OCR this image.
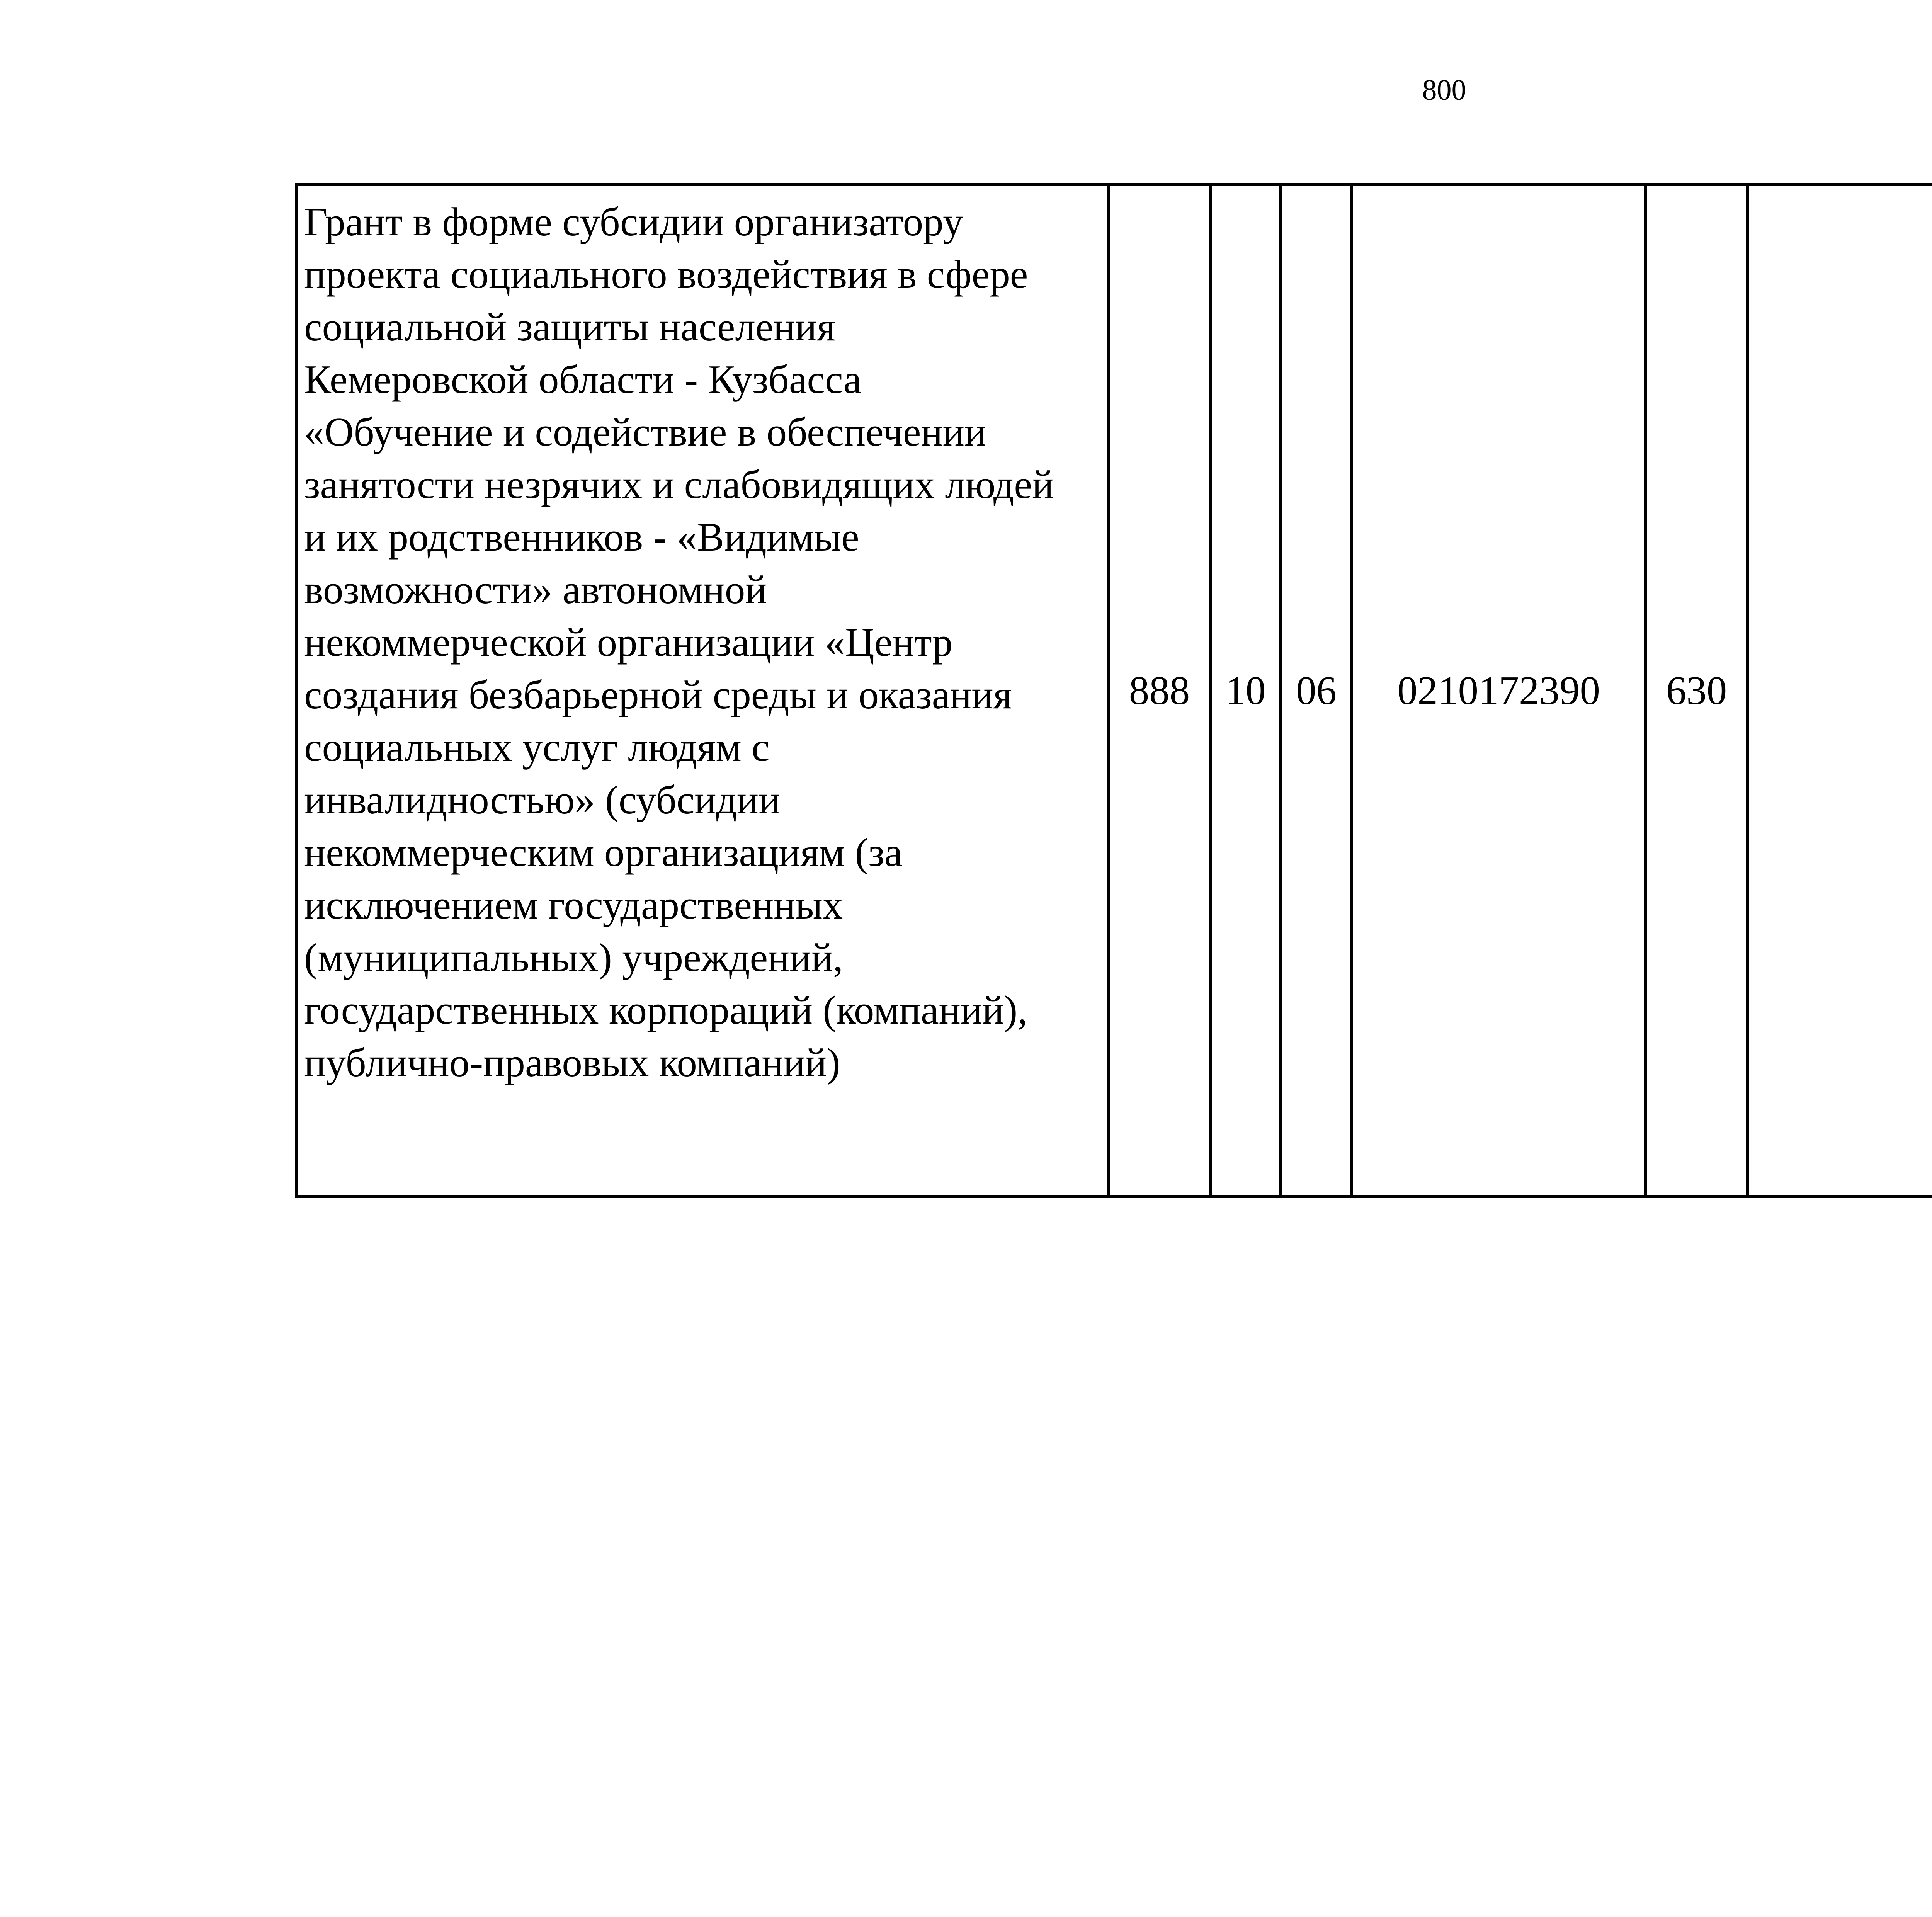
800
Грант в форме субсидии организатору
проекта социального воздействия в сфере
социальной защиты населения
Кемеровской области - Кузбасса
«Обучение и содействие в обеспечении
занятости незрячих и слабовидящих людей
и их родственников - «Видимые
возможности» автономной
некоммерческой организации «Центр
создания безбарьерной среды и оказания
социальных услуг людям с
инвалидностью» (субсидии
некоммерческим организациям (за
исключением государственных
(муниципальных) учреждений,
государственных корпораций (компаний),
публично-правовых компаний)
	888	10	06	0210172390	630			
